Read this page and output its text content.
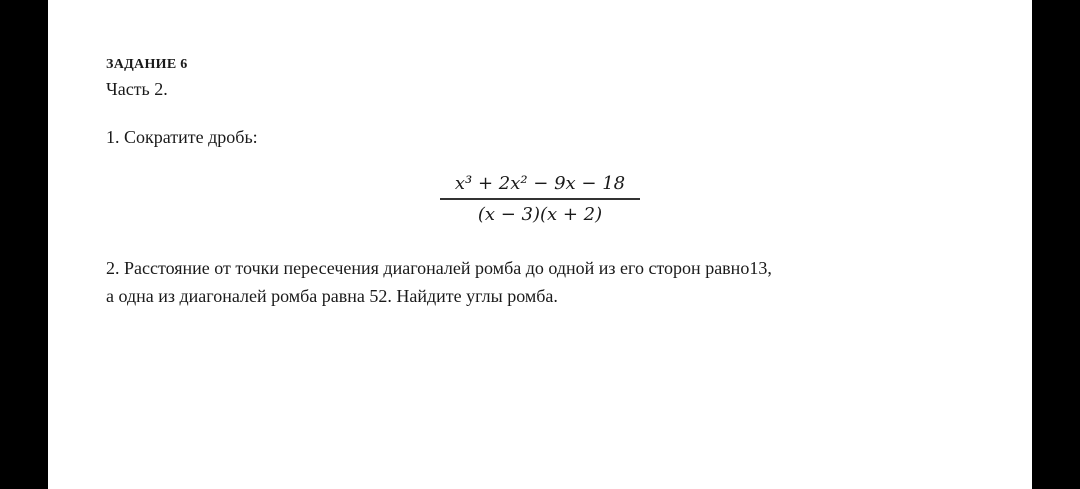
ЗАДАНИЕ 6
Часть 2.
1. Сократите дробь:
x³ + 2x² − 9x − 18
(x − 3)(x + 2)
2. Расстояние от точки пересечения диагоналей ромба до одной из его сторон равно13,
а одна из диагоналей ромба равна 52. Найдите углы ромба.
